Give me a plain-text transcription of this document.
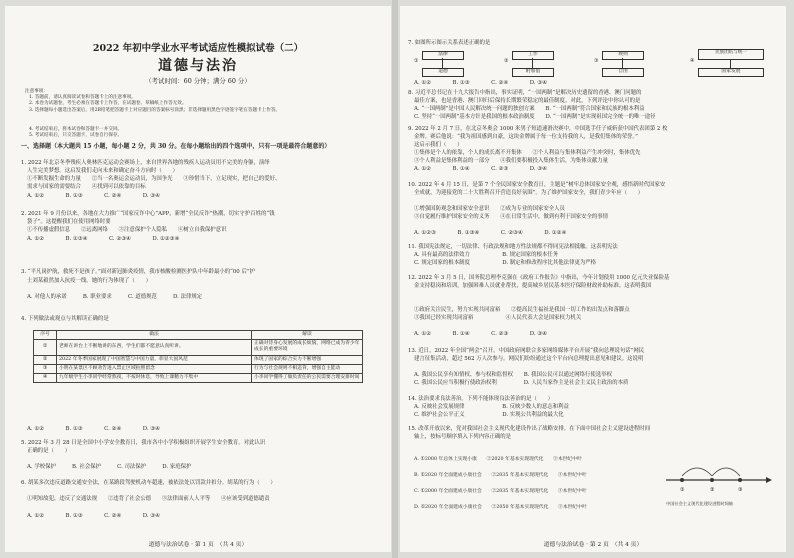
2022 年初中学业水平考试适应性模拟试卷（二）
道德与法治
（考试时间：60 分钟；满分 60 分）
注意事项：
1. 答题前，请认真阅读试卷和答题卡上的注意事项。
2. 本卷为试题卷，考生必须在答题卡上作答，在试题卷、草稿纸上作答无效。
3. 选择题每小题选出答案后，用2B铅笔把答题卡上对应题目的答案标号涂黑；非选择题用黑色字迹签字笔在答题卡上作答。
4. 考试结束后，将本试卷和答题卡一并交回。
5. 考试结束后，只交答题卡，试卷自行保存。
一、选择题（本大题共 15 小题，每小题 2 分，共 30 分。在每小题给出的四个选项中，只有一项是最符合题意的）
1. 2022 年北京冬季残疾人奥林匹克运动会赛场上，来自世界各地的残疾人运动员用不完美的身躯，演绎
人生完美梦想。这启发我们走向未来和确定奋斗方向时（　　）
①不断发掘生命的力量　　②当一名奥运会运动员，为国争光　　③珍惜当下，立足现实，把自己的爱好、
需求与国家的需要结合　　④找到可以依靠的目标
A. ①②　　　　B. ①③　　　　C. ②④　　　　D. ③④
2. 2021 年 9 月份以来，各地在大力推广“国家反诈中心”APP，新增“全民反诈”热潮，切实守护百姓的“钱
袋子”。这提醒我们在使用网络时要
①不传播虚假信息　　②远离网络　　③注意保护个人隐私　　④树立自我保护意识
A. ①②　　　　B. ①③④　　　　C. ②③④　　　　D. ①②③④
3. “平凡岗护航，救死不是孩子。”面对新冠肺炎疫情，我市核酸检测医护队中年龄最小的“00 后”护
士刘某毅然加入抗疫一线。她的行为体现了（　　）
A. 对他人的承诺　　　B. 职业要求　　　C. 道德规范　　　D. 法律规定
4. 下列做法或观点与其解读正确的是
序号	做法	解读
①	老师在讲台上不断地讲的东西，学生们都不愿意认真听讲。	正确对待身心发展的成长烦恼，网络已成为青少年成长的重要环境
②	2022 年冬季国家展现了中国智慧与中国力量，彰显大国风范	体现了国家的综合实力不断增强
③	小明在某景区不顾劝告进入禁止区域拍照留念	行为与社会规则不相违背，增强自主能动
④	九年级学生小李同学经常熬夜，不按时休息，导致上课精力不集中	小李同学懂得了做负责任的公民需要合理安排时间
A. ①②　　　　B. ①③　　　　C. ②④　　　　D. ③④
5. 2022 年 3 月 28 日是全国中小学安全教育日，我市各中小学积极组织开展学生安全教育。对此认识
正确的是（　　）
A. 学校保护　　　B. 社会保护　　　C. 司法保护　　　D. 家庭保护
6. 胡某多次违反道路交通安全法，在某路段驾驶机动车超速，被依法处以罚款并扣分。胡某的行为（　　）
①明知故犯，违反了交通法规　　②违背了社会公德　　③法律面前人人平等　　④应该受到道德谴责
A. ①②　　　　B. ①③　　　　C. ②④　　　　D. ③④
道德与法治试卷 · 第 1 页　（共 4 页）
7. 如图所示图示关系表述正确的是
①
法律
道德
②
工作
附加值
③
规则
自由
④
民族团结与统一
国家发展
A. ①②　　　　B. ①③　　　　C. ②④　　　　D. ③④
8. 习近平总书记在十九大报告中指出，事实证明，“一国两制”是解决历史遗留的香港、澳门问题的
最佳方案，也是香港、澳门回归后保持长期繁荣稳定的最佳制度。对此，下列评论中你认可的是
A. “一国两制”是中国人民解决统一问题的独创方案　　B. “一国两制”符合国家和民族的根本利益
C. 坚持“一国两制”基本方针是我国的根本政治制度　　D. “一国两制”是实现祖国完全统一的唯一途径
9. 2022 年 2 月 7 日，在北京冬奥会 1000 米男子短道速滑决赛中，中国选手任子威斩获中国代表团第 2 枚
金牌。赛后他说：“我为祖国感到自豪，这块金牌属于每一位支持我的人，是我们集体的荣誉。”
这启示我们（　　）
①集体是个人的依靠，个人的成长离不开集体　　②个人利益与集体利益产生冲突时，集体优先
③个人利益是集体利益的一部分　　④我们要积极投入集体生活，为集体贡献力量
A. ①②　　　　B. ①④　　　　C. ②③　　　　D. ③④
10. 2022 年 4 月 15 日，是第 7 个全民国家安全教育日，主题是“树牢总体国家安全观，感悟新时代国家安
全成就，为迎接党的二十大胜利召开营造良好氛围”。为了维护国家安全，我们青少年应（　　）
①增强国防观念和国家安全意识　　②成为专业的国家安全人员
③自觉履行维护国家安全的义务　　④在日常生活中，做到有利于国家安全的事情
A. ①②③　　　　B. ①③④　　　　C. ②③④　　　　D. ①②④
11. 我国宪法规定，一切法律、行政法规和地方性法规都不得同宪法相抵触。这表明宪法
A. 具有最高的法律效力　　　　　　B. 规定国家的根本任务
C. 规定国家的根本制度　　　　　　D. 制定和修改程序比其他法律更为严格
12. 2022 年 3 月 5 日，国务院总理李克强在《政府工作报告》中指出，今年计划使用 1000 亿元失业保险基
金支持稳岗和培训，加强困难人员就业帮扶，提高城乡居民基本医疗保险财政补助标准。这表明我国
①政府关注民生，努力实现共同富裕　　②提高民生福祉是我国一切工作的出发点和落脚点
③我国已经实现共同富裕　　　　　　④人民代表大会是国家权力机关
A. ①②　　　　B. ①④　　　　C. ②③　　　　D. ③④
13. 近日，2022 年全国“两会”召开，中国政府网联合多家网络媒体平台开展“我向总理说句话”网民
建言征集活动，超过 562 万人次参与。网民们纷纷通过这个平台向总理提出意见和建议。这说明
A. 我国公民享有知情权、参与权和监督权　　B. 我国公民可以通过网络行使选举权
C. 我国公民应当积极行使政治权利　　　　　D. 人民当家作主是社会主义民主政治的本质
14. 法治要求良法善治。下列不能体现良法善治的是（　　）
A. 反映社会发展规律　　　　　　　B. 反映少数人的意志和利益
C. 维护社会公平正义　　　　　　　D. 实现公共利益的最大化
15. 改革开放以来，党对我国社会主义现代化建设作出了战略安排。在下面中国社会主义建设进程时间
轴上，按标号顺序填入下列内容正确的是
A. ①2000 年总体上实现小康　　②2020 年基本实现现代化　　③本世纪中叶
B. ①2020 年全面建成小康社会　　②2035 年基本实现现代化　　③本世纪中叶
C. ①2000 年全面建成小康社会　　②2035 年基本实现现代化　　③本世纪中叶
D. ①2020 年全面建成小康社会　　②2050 年基本实现现代化　　③本世纪中叶
①	②	③
中国社会主义现代化建设进程时间轴
道德与法治试卷 · 第 2 页　（共 4 页）
